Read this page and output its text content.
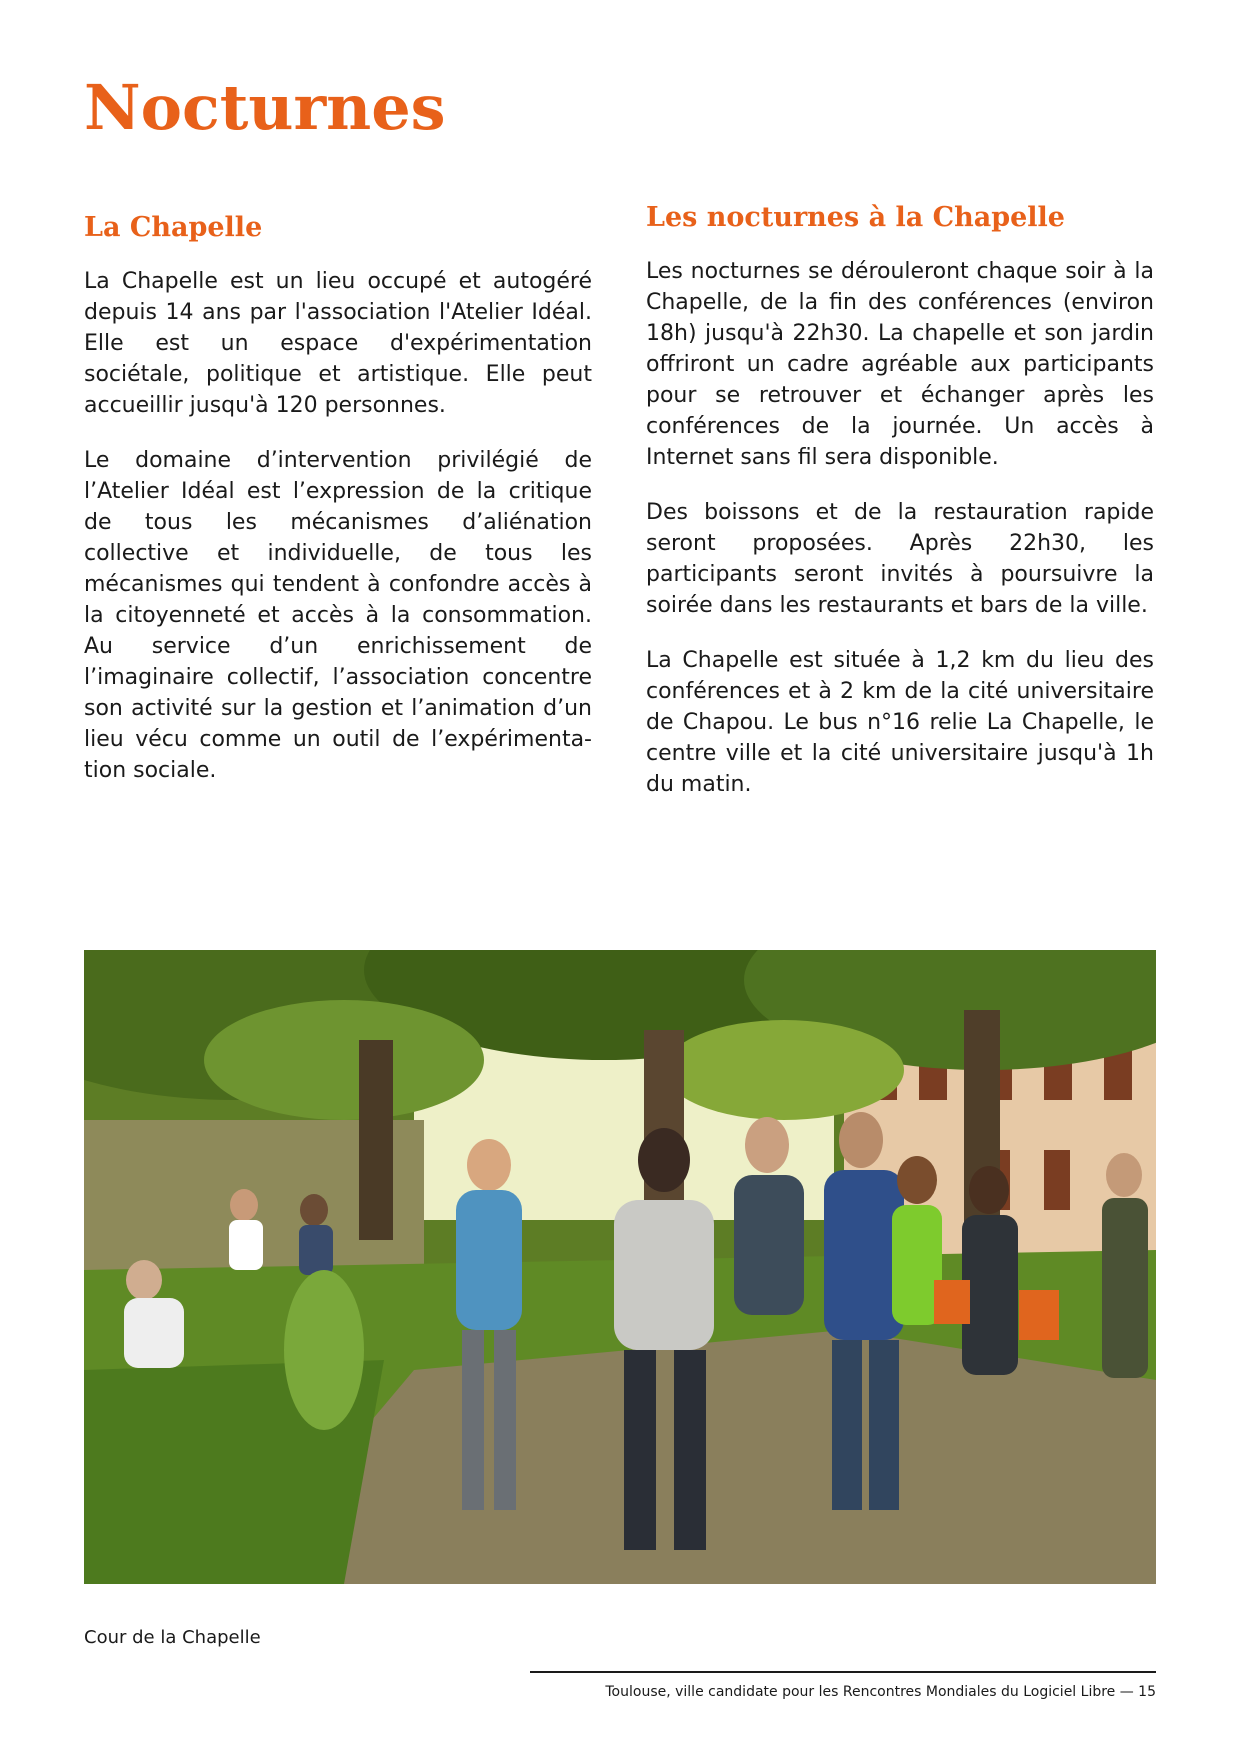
Nocturnes
La Chapelle

La Chapelle est un lieu occupé et autogéré depuis 14 ans par l'association l'Atelier Idéal. Elle est un espace d'expérimentation sociétale, politique et artistique. Elle peut accueillir jusqu'à 120 personnes.

Le domaine d’intervention privilégié de l’Atelier Idéal est l’expression de la critique de tous les mécanismes d’aliénation collective et individuelle, de tous les mécanismes qui tendent à confondre accès à la citoyenneté et accès à la consommation. Au service d’un enrichissement de l’imaginaire collectif, l’association concentre son activité sur la gestion et l’animation d’un lieu vécu comme un outil de l’expérimentation sociale.

Les nocturnes à la Chapelle

Les nocturnes se dérouleront chaque soir à la Chapelle, de la fin des conférences (environ 18h) jusqu'à 22h30. La chapelle et son jardin offriront un cadre agréable aux participants pour se retrouver et échanger après les conférences de la journée. Un accès à Internet sans fil sera disponible.

Des boissons et de la restauration rapide seront proposées. Après 22h30, les participants seront invités à poursuivre la soirée dans les restaurants et bars de la ville.

La Chapelle est située à 1,2 km du lieu des conférences et à 2 km de la cité universitaire de Chapou. Le bus n°16 relie La Chapelle, le centre ville et la cité universitaire jusqu'à 1h du matin.

Cour de la Chapelle

Toulouse, ville candidate pour les Rencontres Mondiales du Logiciel Libre — 15
